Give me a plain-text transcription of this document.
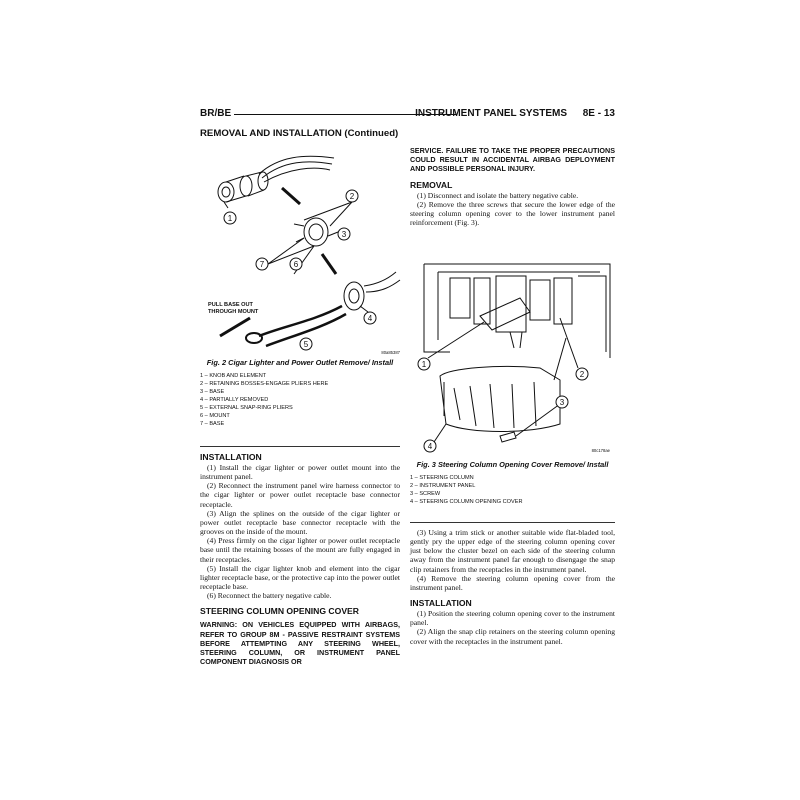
BR/BE	INSTRUMENT PANEL SYSTEMS 8E - 13
REMOVAL AND INSTALLATION (Continued)
1
2
3
4
5
6
7
PULL BASE OUT
THROUGH MOUNT
80a85387
Fig. 2 Cigar Lighter and Power Outlet Remove/ Install
1 – KNOB AND ELEMENT
2 – RETAINING BOSSES-ENGAGE PLIERS HERE
3 – BASE
4 – PARTIALLY REMOVED
5 – EXTERNAL SNAP-RING PLIERS
6 – MOUNT
7 – BASE
INSTALLATION

(1) Install the cigar lighter or power outlet mount into the instrument panel.

(2) Reconnect the instrument panel wire harness connector to the cigar lighter or power outlet receptacle base connector receptacle.

(3) Align the splines on the outside of the cigar lighter or power outlet receptacle base connector receptacle with the grooves on the inside of the mount.

(4) Press firmly on the cigar lighter or power outlet receptacle base until the retaining bosses of the mount are fully engaged in their receptacles.

(5) Install the cigar lighter knob and element into the cigar lighter receptacle base, or the protective cap into the power outlet receptacle base.

(6) Reconnect the battery negative cable.

STEERING COLUMN OPENING COVER

WARNING: ON VEHICLES EQUIPPED WITH AIRBAGS, REFER TO GROUP 8M - PASSIVE RESTRAINT SYSTEMS BEFORE ATTEMPTING ANY STEERING WHEEL, STEERING COLUMN, OR INSTRUMENT PANEL COMPONENT DIAGNOSIS OR

SERVICE. FAILURE TO TAKE THE PROPER PRECAUTIONS COULD RESULT IN ACCIDENTAL AIRBAG DEPLOYMENT AND POSSIBLE PERSONAL INJURY.

REMOVAL

(1) Disconnect and isolate the battery negative cable.

(2) Remove the three screws that secure the lower edge of the steering column opening cover to the lower instrument panel reinforcement (Fig. 3).

1
2
3
4	80c178ae
Fig. 3 Steering Column Opening Cover Remove/ Install
1 – STEERING COLUMN
2 – INSTRUMENT PANEL
3 – SCREW
4 – STEERING COLUMN OPENING COVER

(3) Using a trim stick or another suitable wide flat-bladed tool, gently pry the upper edge of the steering column opening cover just below the cluster bezel on each side of the steering column away from the instrument panel far enough to disengage the snap clip retainers from the receptacles in the instrument panel.

(4) Remove the steering column opening cover from the instrument panel.

INSTALLATION

(1) Position the steering column opening cover to the instrument panel.

(2) Align the snap clip retainers on the steering column opening cover with the receptacles in the instrument panel.
